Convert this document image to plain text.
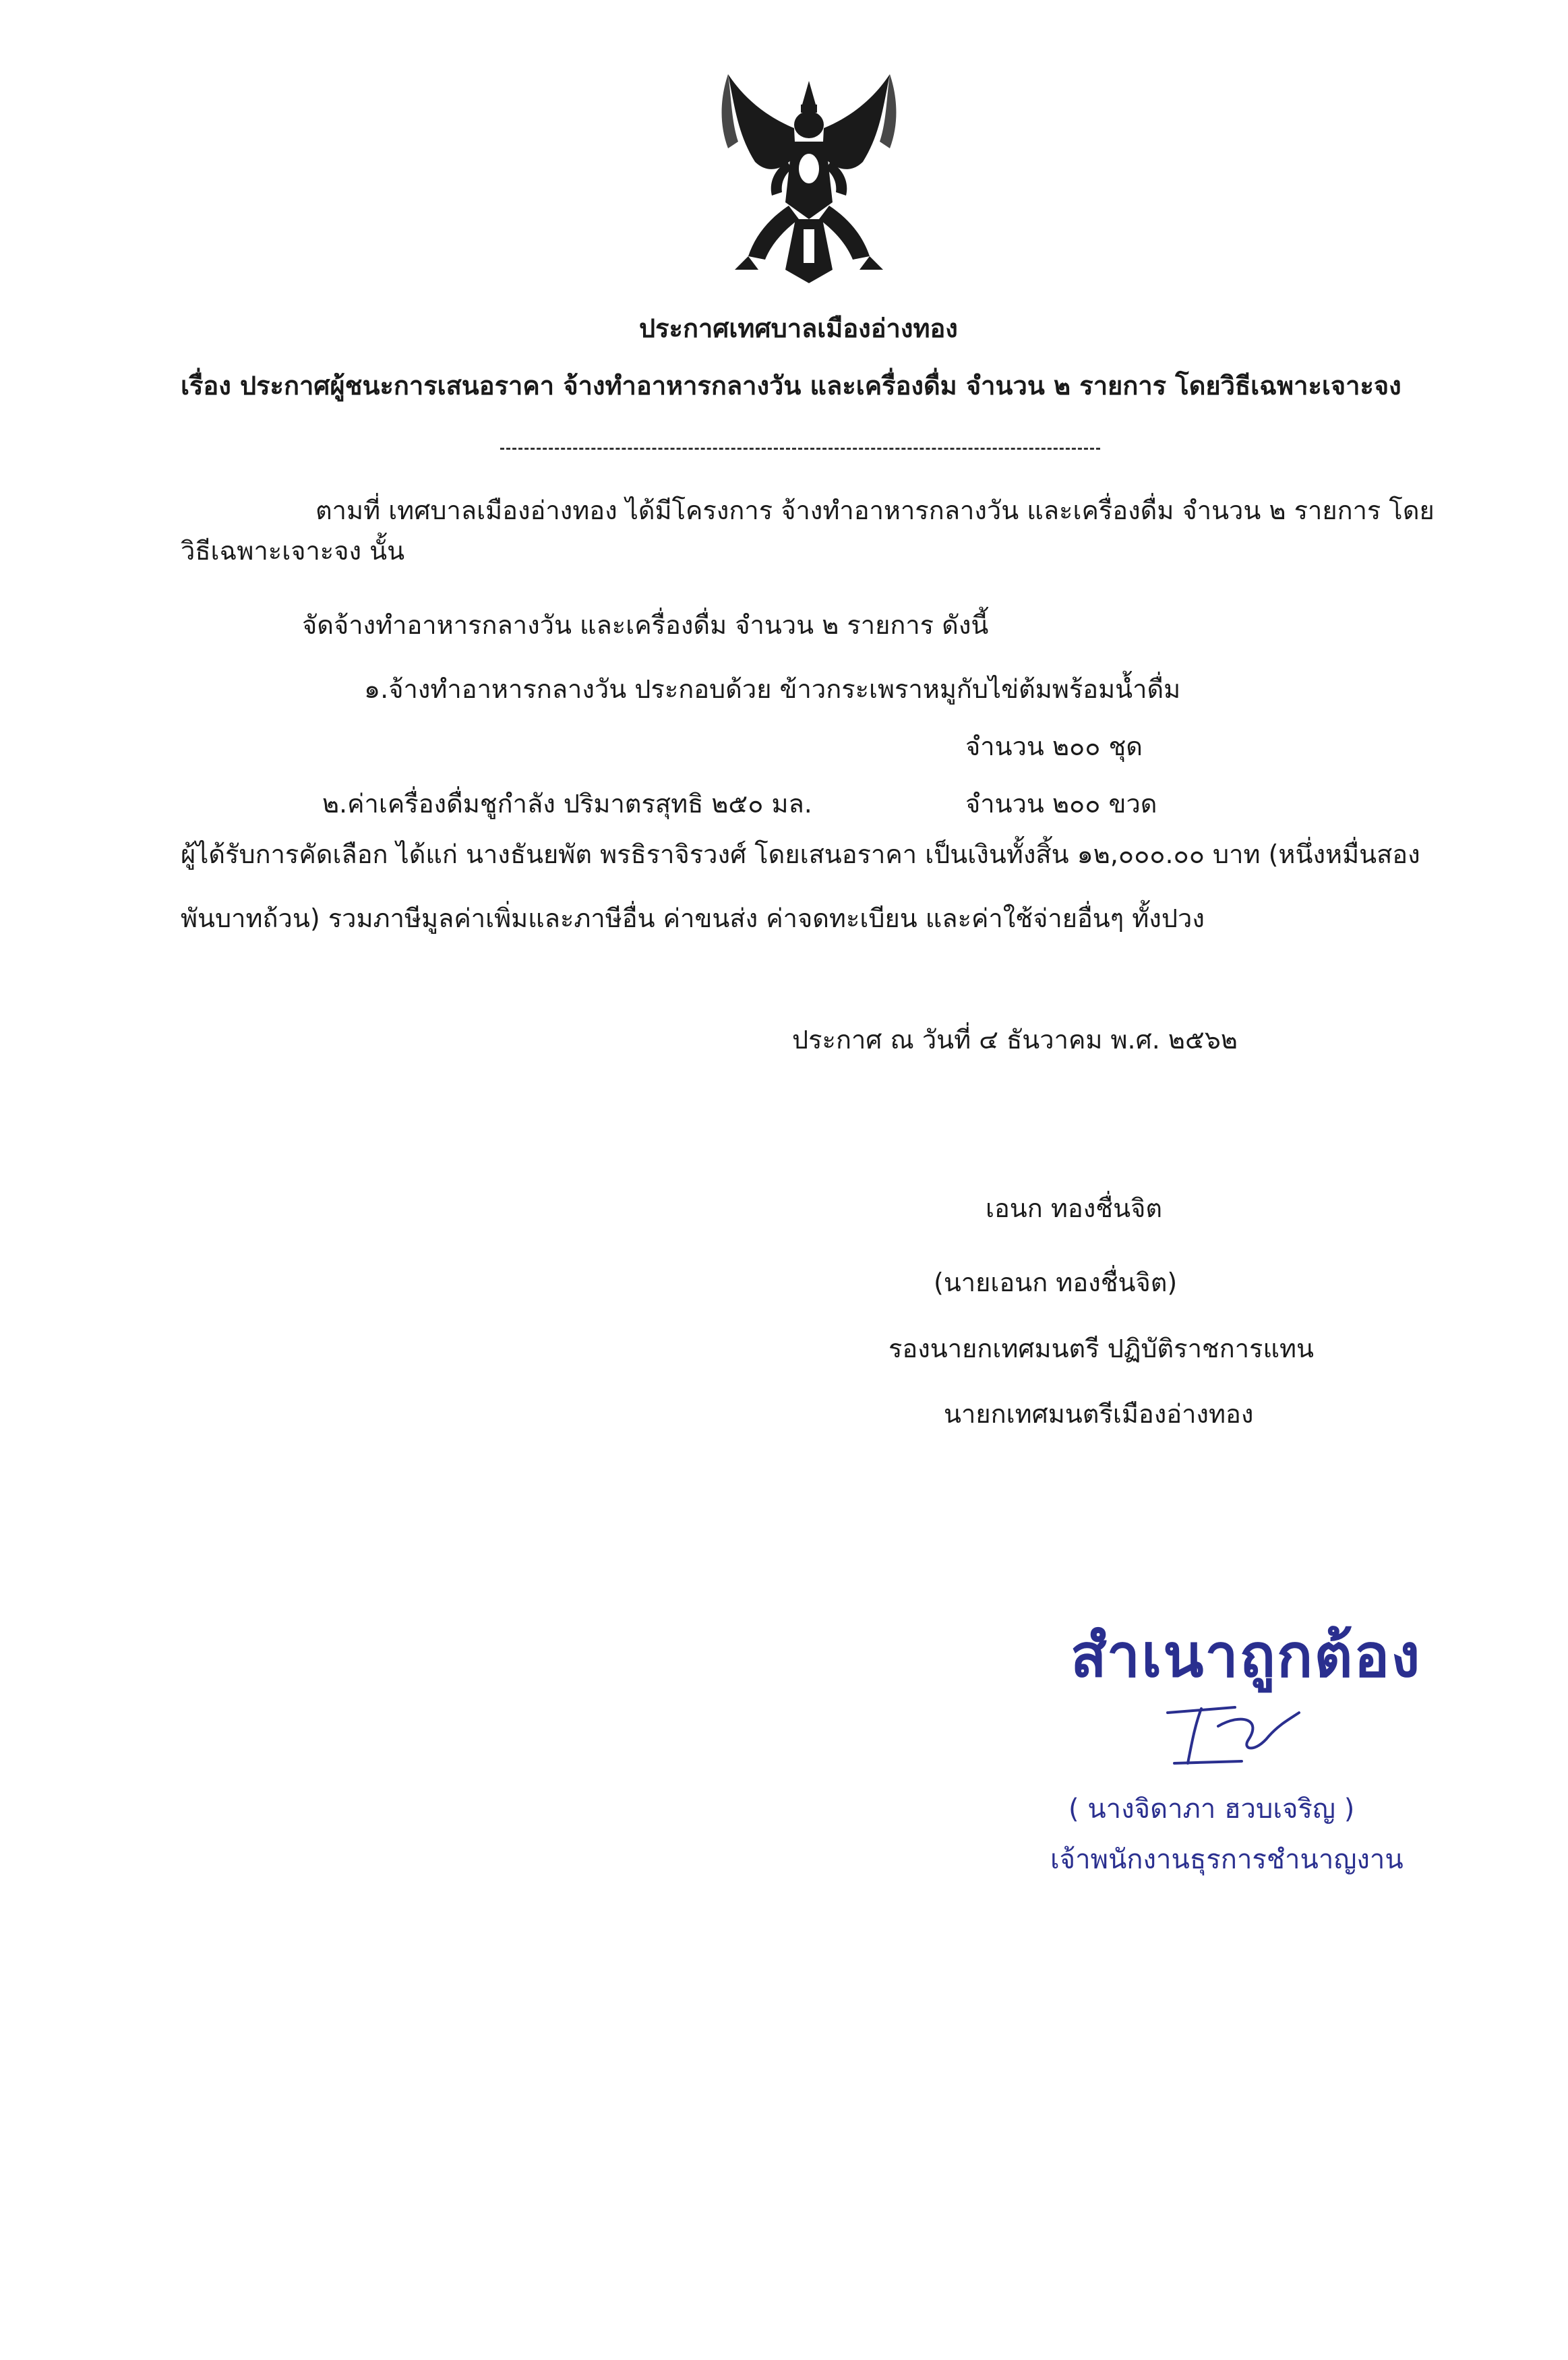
ประกาศเทศบาลเมืองอ่างทอง
เรื่อง ประกาศผู้ชนะการเสนอราคา จ้างทำอาหารกลางวัน และเครื่องดื่ม จำนวน ๒ รายการ โดยวิธีเฉพาะเจาะจง
ตามที่ เทศบาลเมืองอ่างทอง ได้มีโครงการ จ้างทำอาหารกลางวัน และเครื่องดื่ม จำนวน ๒ รายการ โดย
วิธีเฉพาะเจาะจง นั้น
จัดจ้างทำอาหารกลางวัน และเครื่องดื่ม จำนวน ๒ รายการ ดังนี้
๑.จ้างทำอาหารกลางวัน ประกอบด้วย ข้าวกระเพราหมูกับไข่ต้มพร้อมน้ำดื่ม
จำนวน ๒๐๐ ชุด
๒.ค่าเครื่องดื่มชูกำลัง ปริมาตรสุทธิ ๒๕๐ มล.	จำนวน ๒๐๐ ขวด
ผู้ได้รับการคัดเลือก ได้แก่ นางธันยพัต พรธิราจิรวงศ์ โดยเสนอราคา เป็นเงินทั้งสิ้น ๑๒,๐๐๐.๐๐ บาท (หนึ่งหมื่นสอง
พันบาทถ้วน) รวมภาษีมูลค่าเพิ่มและภาษีอื่น ค่าขนส่ง ค่าจดทะเบียน และค่าใช้จ่ายอื่นๆ ทั้งปวง
ประกาศ ณ วันที่ ๔ ธันวาคม พ.ศ. ๒๕๖๒
เอนก ทองชื่นจิต
(นายเอนก ทองชื่นจิต)
รองนายกเทศมนตรี ปฏิบัติราชการแทน
นายกเทศมนตรีเมืองอ่างทอง
สำเนาถูกต้อง
( นางจิดาภา ฮวบเจริญ )
เจ้าพนักงานธุรการชำนาญงาน
